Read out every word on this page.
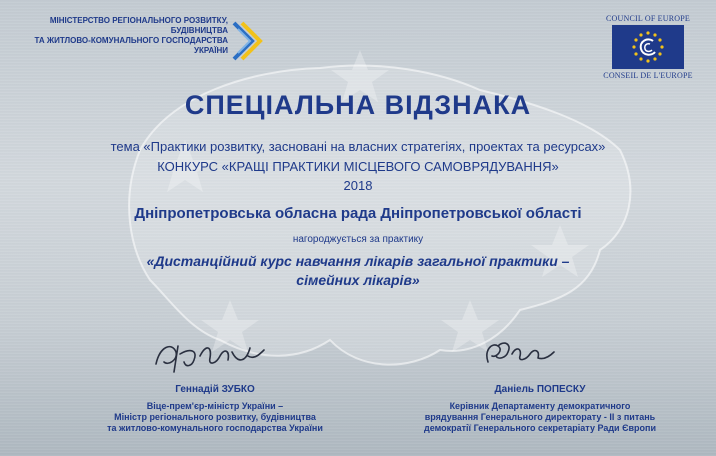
МІНІСТЕРСТВО РЕГІОНАЛЬНОГО РОЗВИТКУ,
БУДІВНИЦТВА
ТА ЖИТЛОВО-КОМУНАЛЬНОГО ГОСПОДАРСТВА
УКРАЇНИ
COUNCIL OF EUROPE
CONSEIL DE L'EUROPE
СПЕЦІАЛЬНА ВІДЗНАКА
тема «Практики розвитку, засновані на власних стратегіях, проектах та ресурсах»
КОНКУРС «КРАЩІ ПРАКТИКИ МІСЦЕВОГО САМОВРЯДУВАННЯ»
2018
Дніпропетровська обласна рада Дніпропетровської області
нагороджується за практику
«Дистанційний курс навчання лікарів загальної практики –
сімейних лікарів»
Геннадій ЗУБКО
Віце-прем'єр-міністр України –
Міністр регіонального розвитку, будівництва
та житлово-комунального господарства України
Даніель ПОПЕСКУ
Керівник Департаменту демократичного
врядування Генерального директорату - ІІ з питань
демократії Генерального секретаріату Ради Європи
